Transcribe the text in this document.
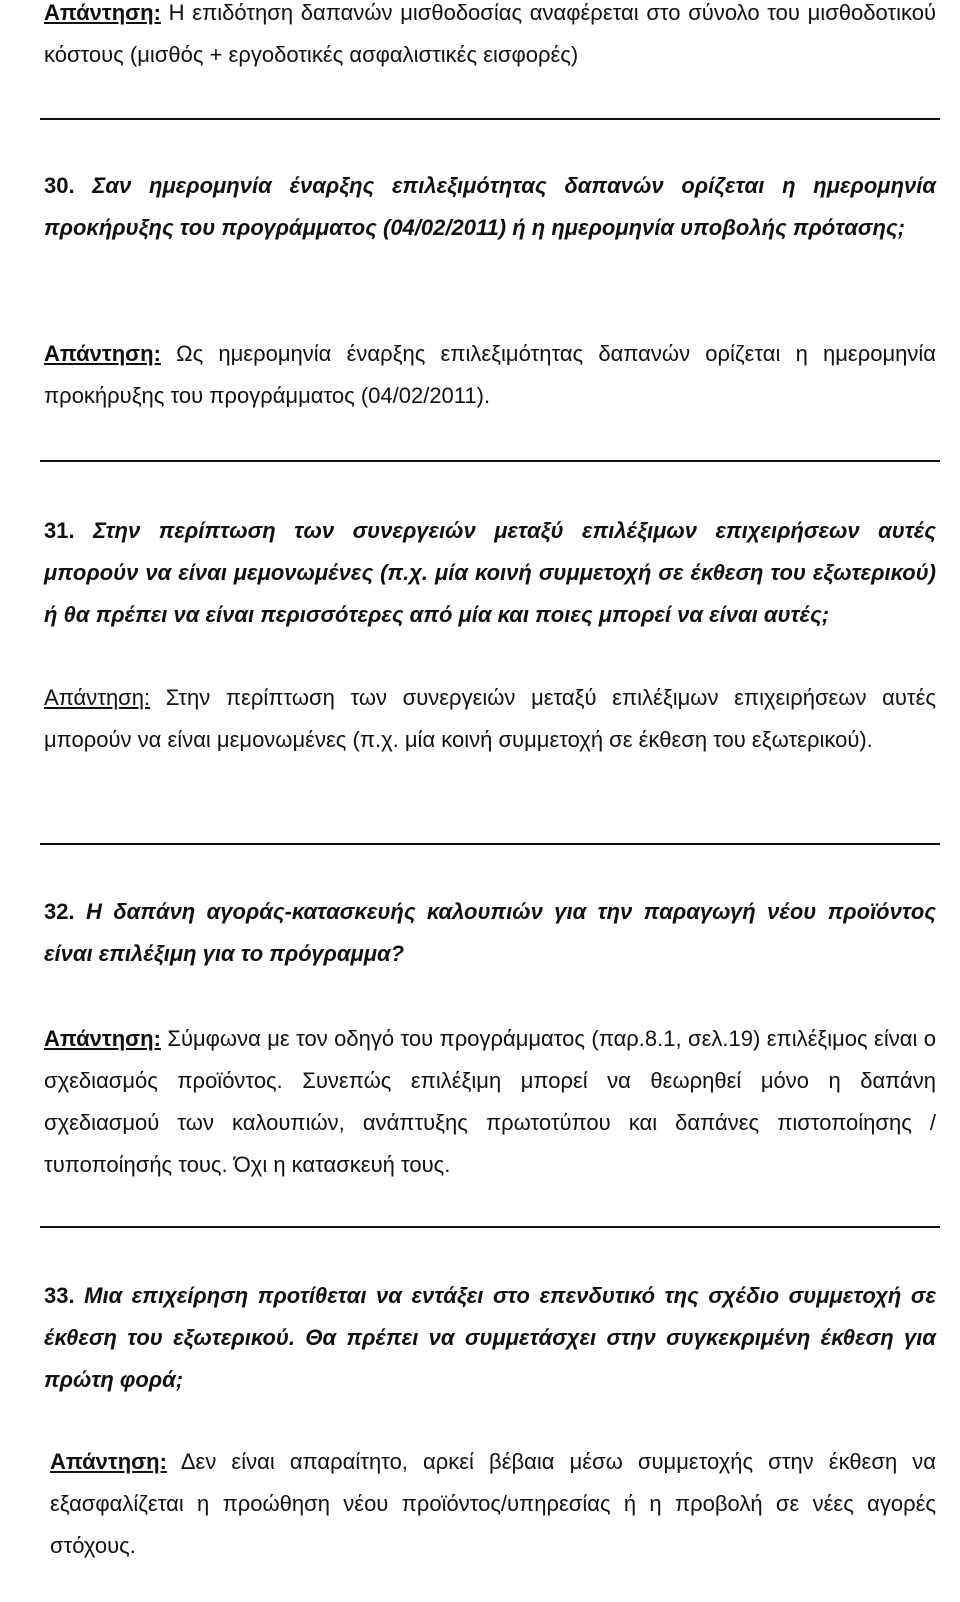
Απάντηση: Η επιδότηση δαπανών μισθοδοσίας αναφέρεται στο σύνολο του μισθοδοτικού κόστους (μισθός + εργοδοτικές ασφαλιστικές εισφορές)
30. Σαν ημερομηνία έναρξης επιλεξιμότητας δαπανών ορίζεται η ημερομηνία προκήρυξης του προγράμματος (04/02/2011) ή η ημερομηνία υποβολής πρότασης;
Απάντηση: Ως ημερομηνία έναρξης επιλεξιμότητας δαπανών ορίζεται η ημερομηνία προκήρυξης του προγράμματος (04/02/2011).
31. Στην περίπτωση των συνεργειών μεταξύ επιλέξιμων επιχειρήσεων αυτές μπορούν να είναι μεμονωμένες (π.χ. μία κοινή συμμετοχή σε έκθεση του εξωτερικού) ή θα πρέπει να είναι περισσότερες από μία και ποιες μπορεί να είναι αυτές;
Απάντηση: Στην περίπτωση των συνεργειών μεταξύ επιλέξιμων επιχειρήσεων αυτές μπορούν να είναι μεμονωμένες (π.χ. μία κοινή συμμετοχή σε έκθεση του εξωτερικού).
32. Η δαπάνη αγοράς-κατασκευής καλουπιών για την παραγωγή νέου προϊόντος είναι επιλέξιμη για το πρόγραμμα?
Απάντηση: Σύμφωνα με τον οδηγό του προγράμματος (παρ.8.1, σελ.19) επιλέξιμος είναι ο σχεδιασμός προϊόντος. Συνεπώς επιλέξιμη μπορεί να θεωρηθεί μόνο η δαπάνη σχεδιασμού των καλουπιών, ανάπτυξης πρωτοτύπου και δαπάνες πιστοποίησης / τυποποίησής τους. Όχι η κατασκευή τους.
33. Μια επιχείρηση προτίθεται να εντάξει στο επενδυτικό της σχέδιο συμμετοχή σε έκθεση του εξωτερικού. Θα πρέπει να συμμετάσχει στην συγκεκριμένη έκθεση για πρώτη φορά;
Απάντηση: Δεν είναι απαραίτητο, αρκεί βέβαια μέσω συμμετοχής στην έκθεση να εξασφαλίζεται η προώθηση νέου προϊόντος/υπηρεσίας ή η προβολή σε νέες αγορές στόχους.
